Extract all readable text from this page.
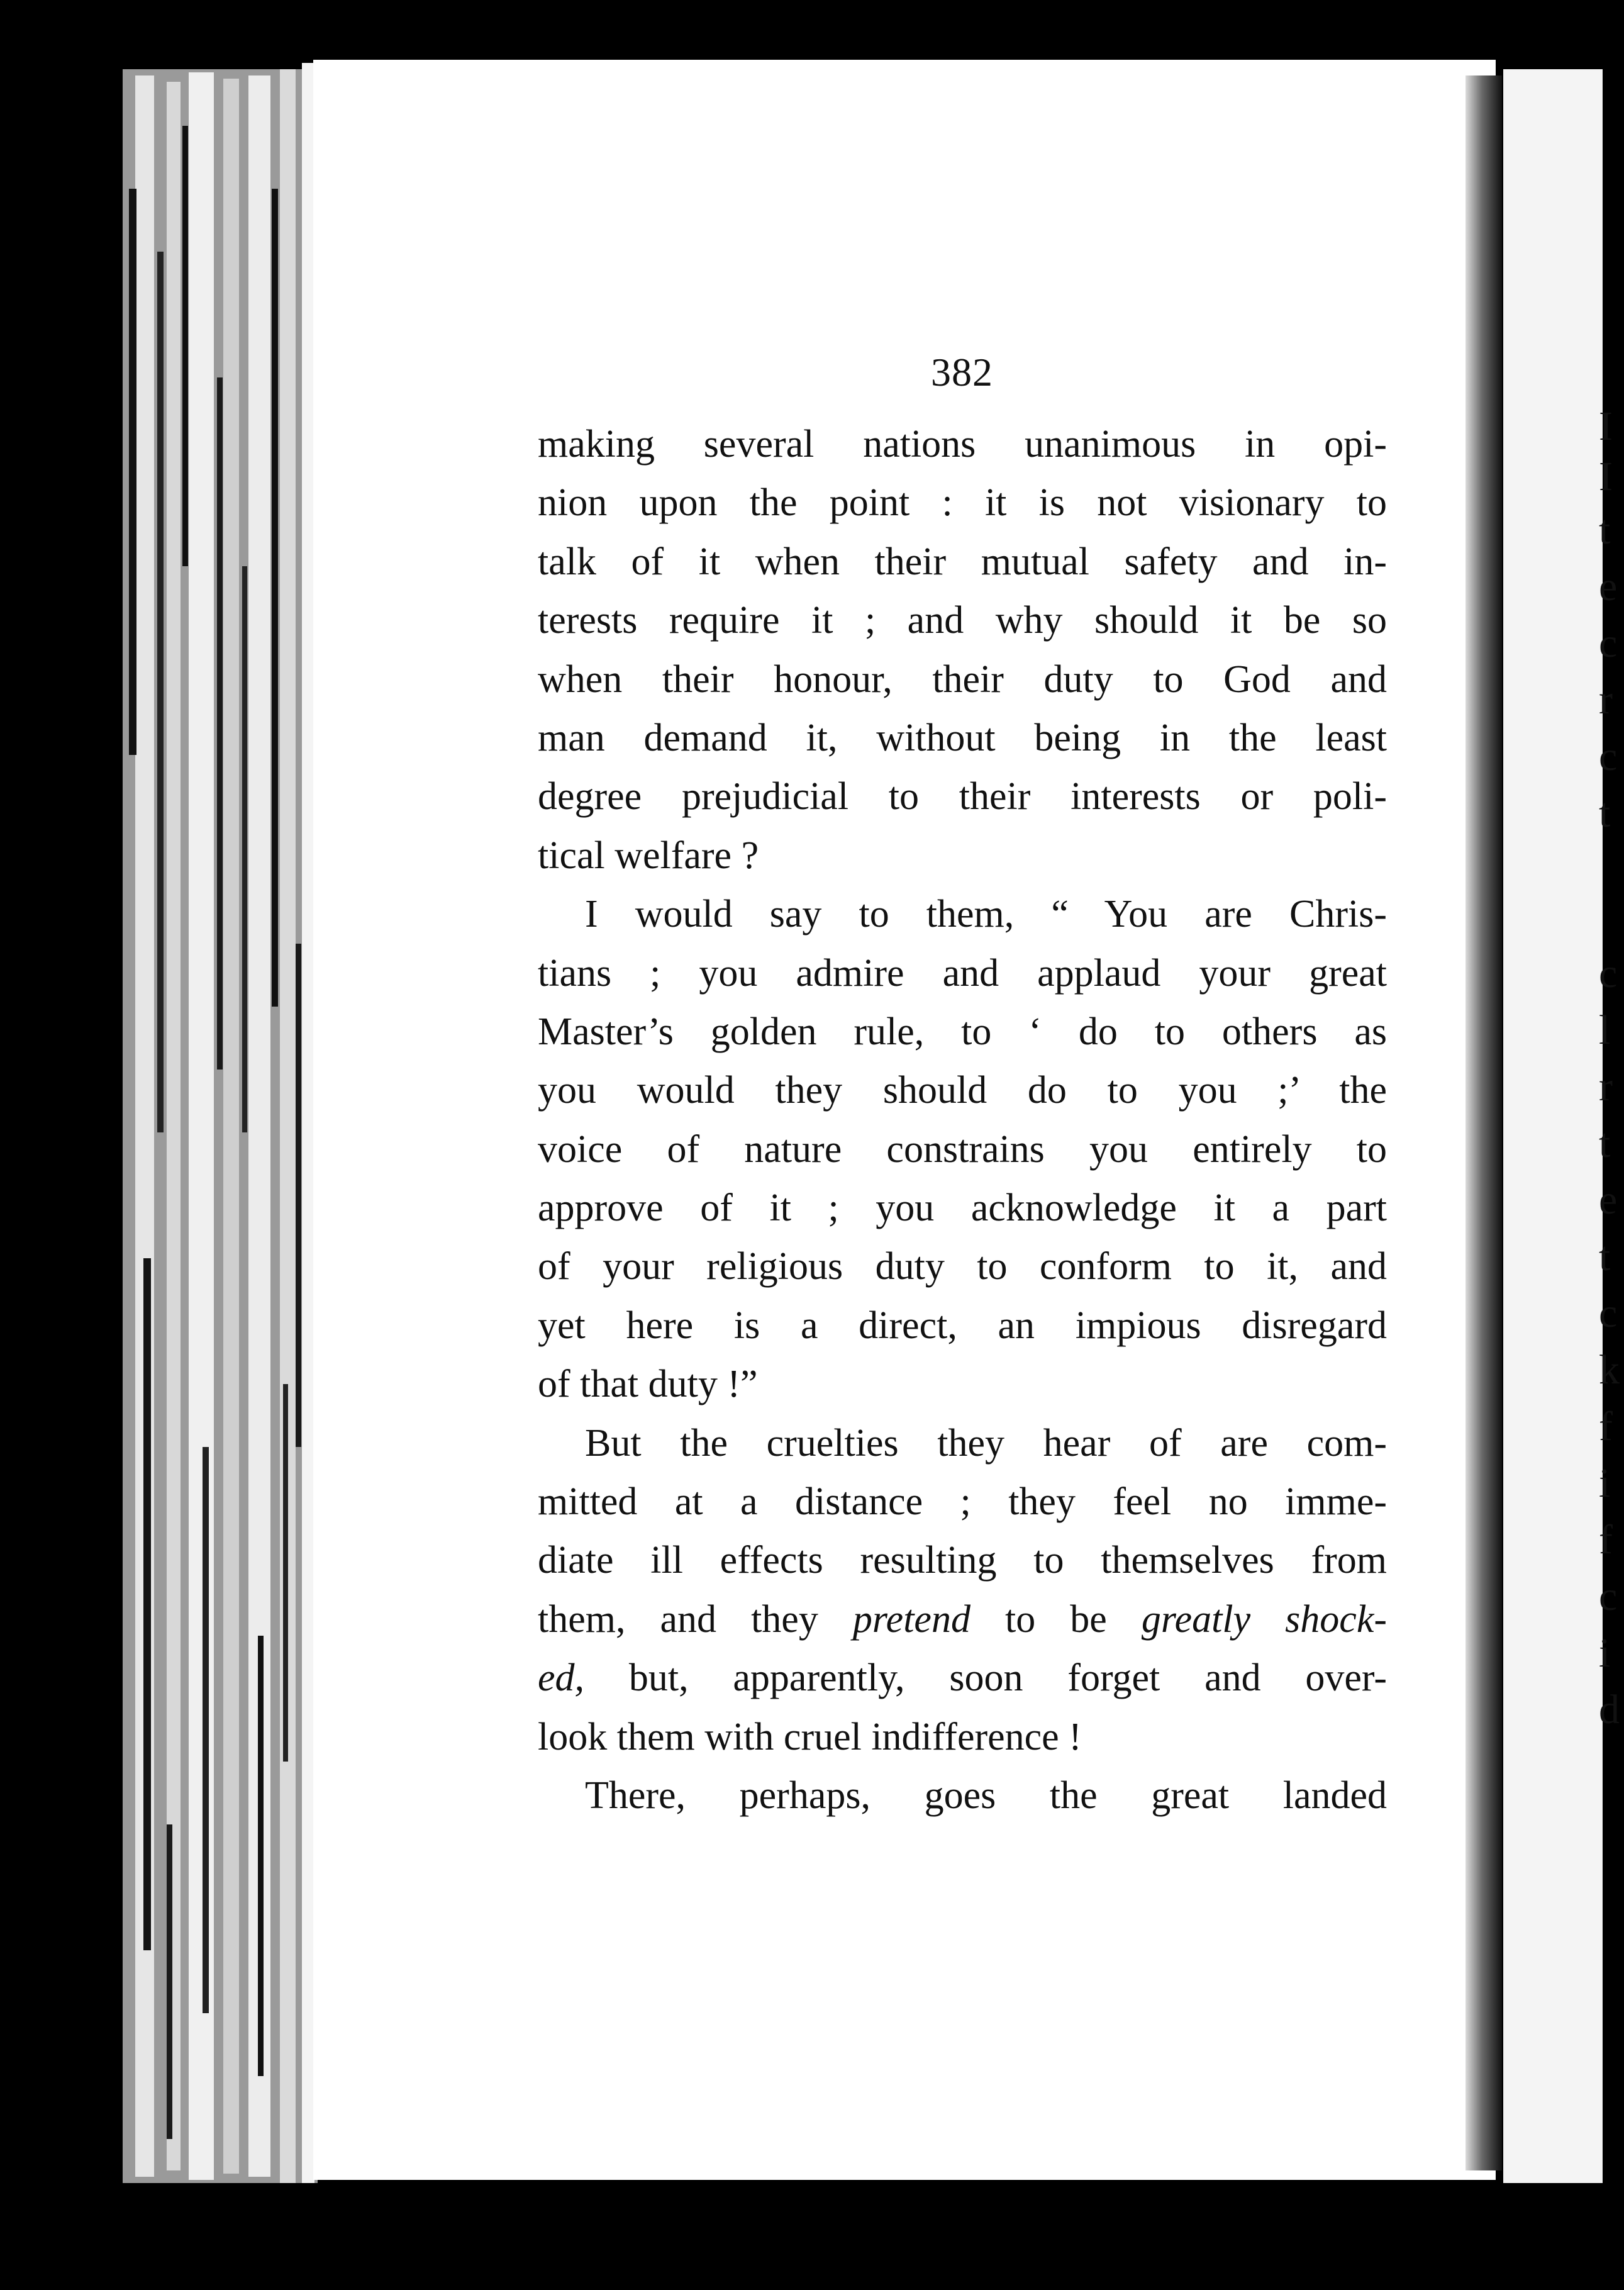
I
I
t
e
c
r
c
t
c
l
r
t
e
t
c
k
f
i
f
c
i
d
382
making several nations unanimous in opi-
nion upon the point : it is not visionary to
talk of it when their mutual safety and in-
terests require it ; and why should it be so
when their honour, their duty to God and
man demand it, without being in the least
degree prejudicial to their interests or poli-
tical welfare ?
I would say to them, “ You are Chris-
tians ; you admire and applaud your great
Master’s golden rule, to ‘ do to others as
you would they should do to you ;’ the
voice of nature constrains you entirely to
approve of it ; you acknowledge it a part
of your religious duty to conform to it, and
yet here is a direct, an impious disregard
of that duty !”
But the cruelties they hear of are com-
mitted at a distance ; they feel no imme-
diate ill effects resulting to themselves from
them, and they pretend to be greatly shock-
ed, but, apparently, soon forget and over-
look them with cruel indifference !
There, perhaps, goes the great landed
